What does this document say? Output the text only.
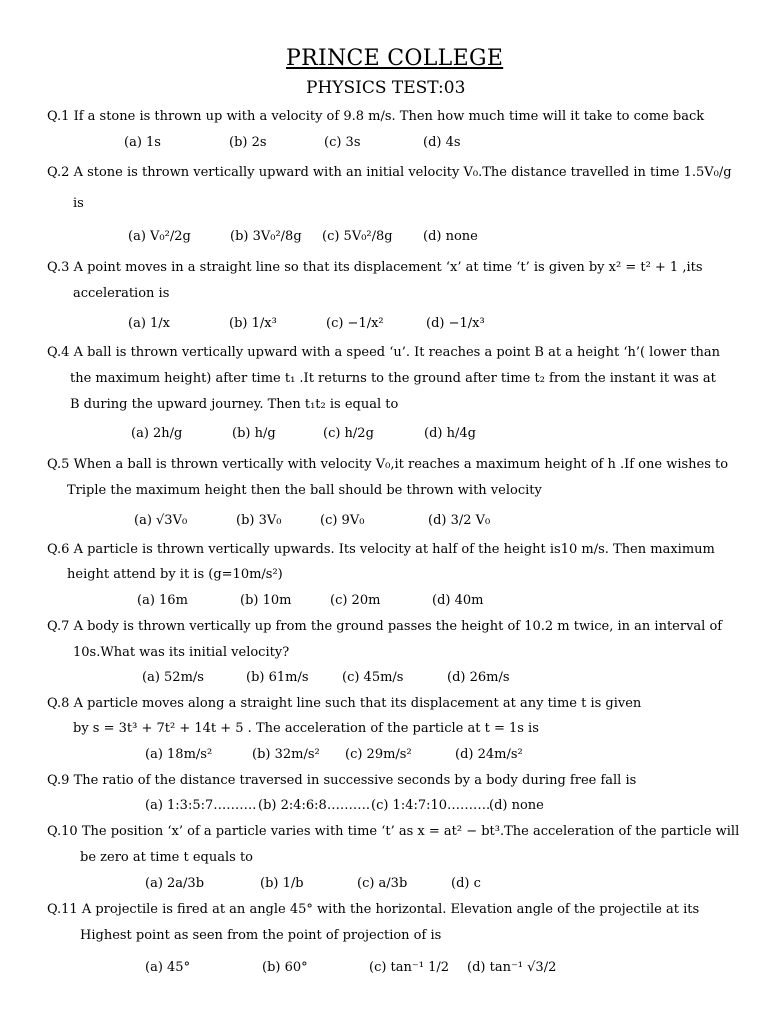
PRINCE COLLEGE
PHYSICS TEST:03
Q.1 If a stone is thrown up with a velocity of 9.8 m/s. Then how much time will it take to come back
(a) 1s	(b) 2s	(c) 3s	(d) 4s
Q.2 A stone is thrown vertically upward with an initial velocity V₀.The distance travelled in time 1.5V₀/g
is
(a) V₀²/2g	(b) 3V₀²/8g (c) 5V₀²/8g (d) none
Q.3 A point moves in a straight line so that its displacement ‘x’ at time ‘t’ is given by x² = t² + 1 ,its
acceleration is
(a) 1/x	(b) 1/x³	(c) −1/x²	(d) −1/x³
Q.4 A ball is thrown vertically upward with a speed ‘u’. It reaches a point B at a height ‘h’( lower than
the maximum height) after time t₁ .It returns to the ground after time t₂ from the instant it was at
B during the upward journey. Then t₁t₂ is equal to
(a) 2h/g	(b) h/g	(c) h/2g	(d) h/4g
Q.5 When a ball is thrown vertically with velocity V₀,it reaches a maximum height of h .If one wishes to
Triple the maximum height then the ball should be thrown with velocity
(a) √3V₀	(b) 3V₀	(c) 9V₀	(d) 3/2 V₀
Q.6 A particle is thrown vertically upwards. Its velocity at half of the height is10 m/s. Then maximum
height attend by it is (g=10m/s²)
(a) 16m	(b) 10m	(c) 20m	(d) 40m
Q.7 A body is thrown vertically up from the ground passes the height of 10.2 m twice, in an interval of
10s.What was its initial velocity?
(a) 52m/s	(b) 61m/s	(c) 45m/s	(d) 26m/s
Q.8 A particle moves along a straight line such that its displacement at any time t is given
by s = 3t³ + 7t² + 14t + 5 . The acceleration of the particle at t = 1s is
(a) 18m/s²	(b) 32m/s² (c) 29m/s²	(d) 24m/s²
Q.9 The ratio of the distance traversed in successive seconds by a body during free fall is
(a) 1:3:5:7………. (b) 2:4:6:8………. (c) 1:4:7:10……….
(d) none
Q.10 The position ‘x’ of a particle varies with time ‘t’ as x = at² − bt³.The acceleration of the particle will
be zero at time t equals to
(a) 2a/3b	(b) 1/b	(c) a/3b	(d) c
Q.11 A projectile is fired at an angle 45° with the horizontal. Elevation angle of the projectile at its
Highest point as seen from the point of projection of is
(a) 45°	(b) 60°	(c) tan⁻¹ 1/2 (d) tan⁻¹ √3/2
